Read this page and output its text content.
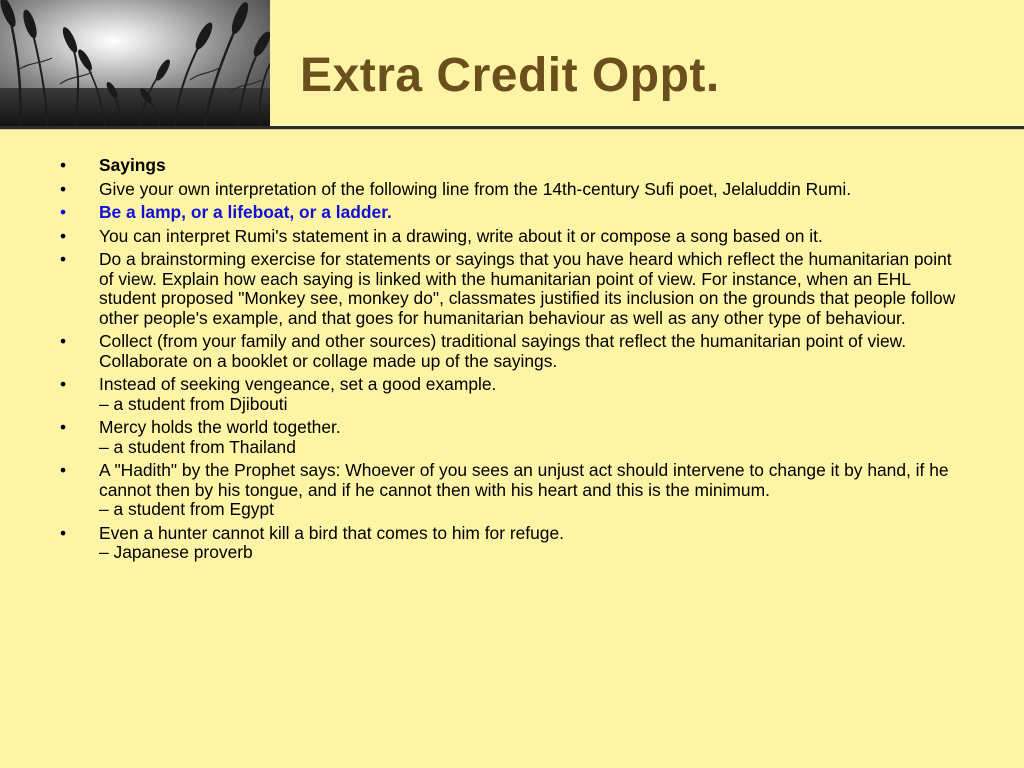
Extra Credit Oppt.
• Sayings
• Give your own interpretation of the following line from the 14th-century Sufi poet, Jelaluddin Rumi.
• Be a lamp, or a lifeboat, or a ladder.
• You can interpret Rumi's statement in a drawing, write about it or compose a song based on it.
• Do a brainstorming exercise for statements or sayings that you have heard which reflect the humanitarian point of view. Explain how each saying is linked with the humanitarian point of view. For instance, when an EHL student proposed "Monkey see, monkey do", classmates justified its inclusion on the grounds that people follow other people's example, and that goes for humanitarian behaviour as well as any other type of behaviour.
• Collect (from your family and other sources) traditional sayings that reflect the humanitarian point of view. Collaborate on a booklet or collage made up of the sayings.
• Instead of seeking vengeance, set a good example.
– a student from Djibouti
• Mercy holds the world together.
– a student from Thailand
• A "Hadith" by the Prophet says: Whoever of you sees an unjust act should intervene to change it by hand, if he cannot then by his tongue, and if he cannot then with his heart and this is the minimum.
– a student from Egypt
• Even a hunter cannot kill a bird that comes to him for refuge.
– Japanese proverb
